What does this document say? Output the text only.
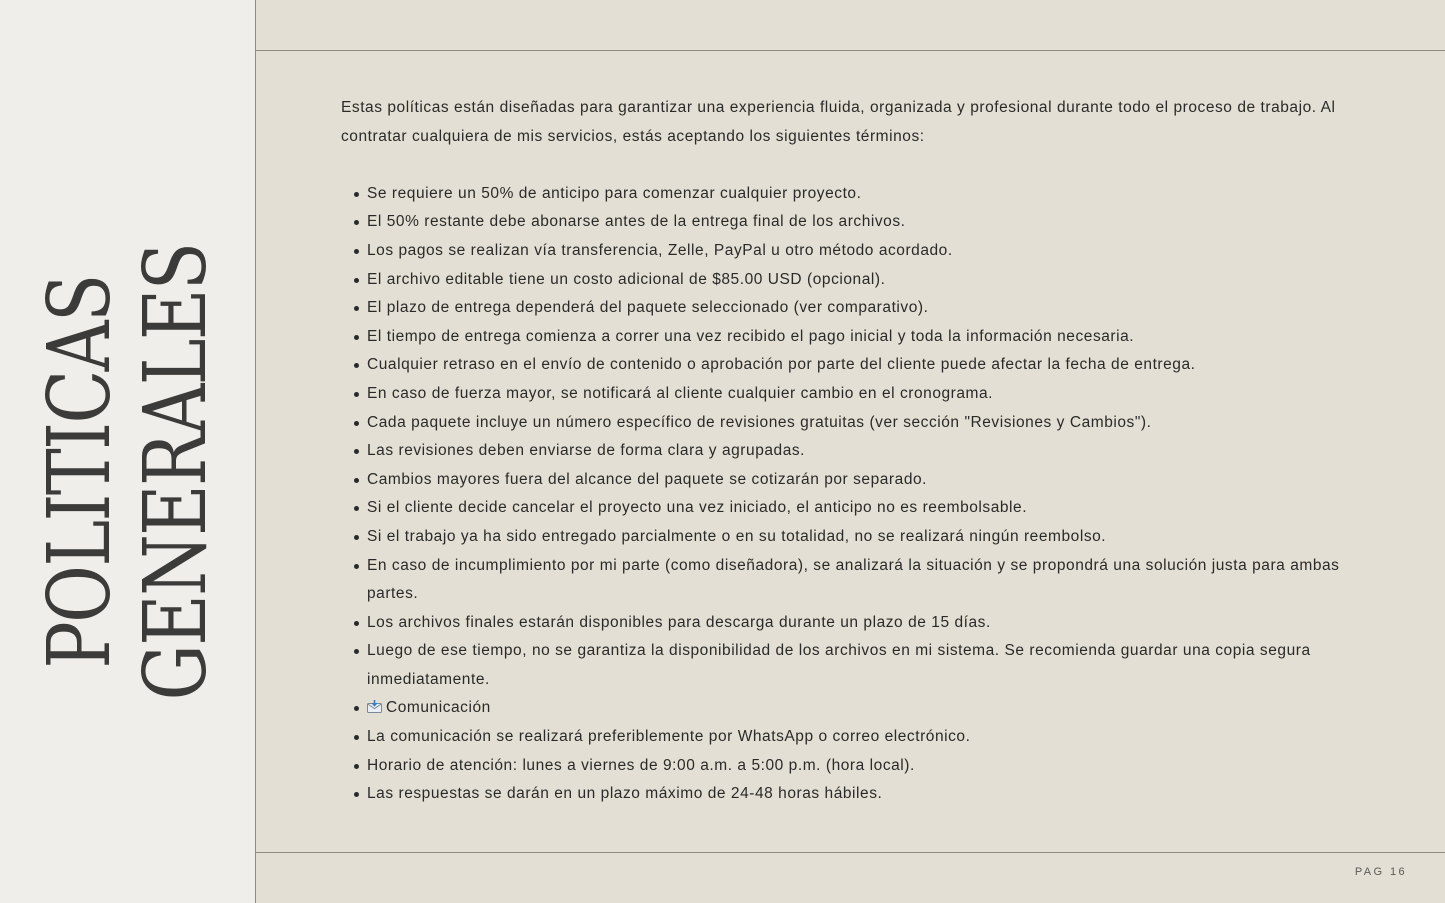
POLITICAS
GENERALES

Estas políticas están diseñadas para garantizar una experiencia fluida, organizada y profesional durante todo el proceso de trabajo. Al contratar cualquiera de mis servicios, estás aceptando los siguientes términos:

Se requiere un 50% de anticipo para comenzar cualquier proyecto.
El 50% restante debe abonarse antes de la entrega final de los archivos.
Los pagos se realizan vía transferencia, Zelle, PayPal u otro método acordado.
El archivo editable tiene un costo adicional de $85.00 USD (opcional).
El plazo de entrega dependerá del paquete seleccionado (ver comparativo).
El tiempo de entrega comienza a correr una vez recibido el pago inicial y toda la información necesaria.
Cualquier retraso en el envío de contenido o aprobación por parte del cliente puede afectar la fecha de entrega.
En caso de fuerza mayor, se notificará al cliente cualquier cambio en el cronograma.
Cada paquete incluye un número específico de revisiones gratuitas (ver sección "Revisiones y Cambios").
Las revisiones deben enviarse de forma clara y agrupadas.
Cambios mayores fuera del alcance del paquete se cotizarán por separado.
Si el cliente decide cancelar el proyecto una vez iniciado, el anticipo no es reembolsable.
Si el trabajo ya ha sido entregado parcialmente o en su totalidad, no se realizará ningún reembolso.
En caso de incumplimiento por mi parte (como diseñadora), se analizará la situación y se propondrá una solución justa para ambas partes.
Los archivos finales estarán disponibles para descarga durante un plazo de 15 días.
Luego de ese tiempo, no se garantiza la disponibilidad de los archivos en mi sistema. Se recomienda guardar una copia segura inmediatamente.
Comunicación
La comunicación se realizará preferiblemente por WhatsApp o correo electrónico.
Horario de atención: lunes a viernes de 9:00 a.m. a 5:00 p.m. (hora local).
Las respuestas se darán en un plazo máximo de 24-48 horas hábiles.
PAG 16
